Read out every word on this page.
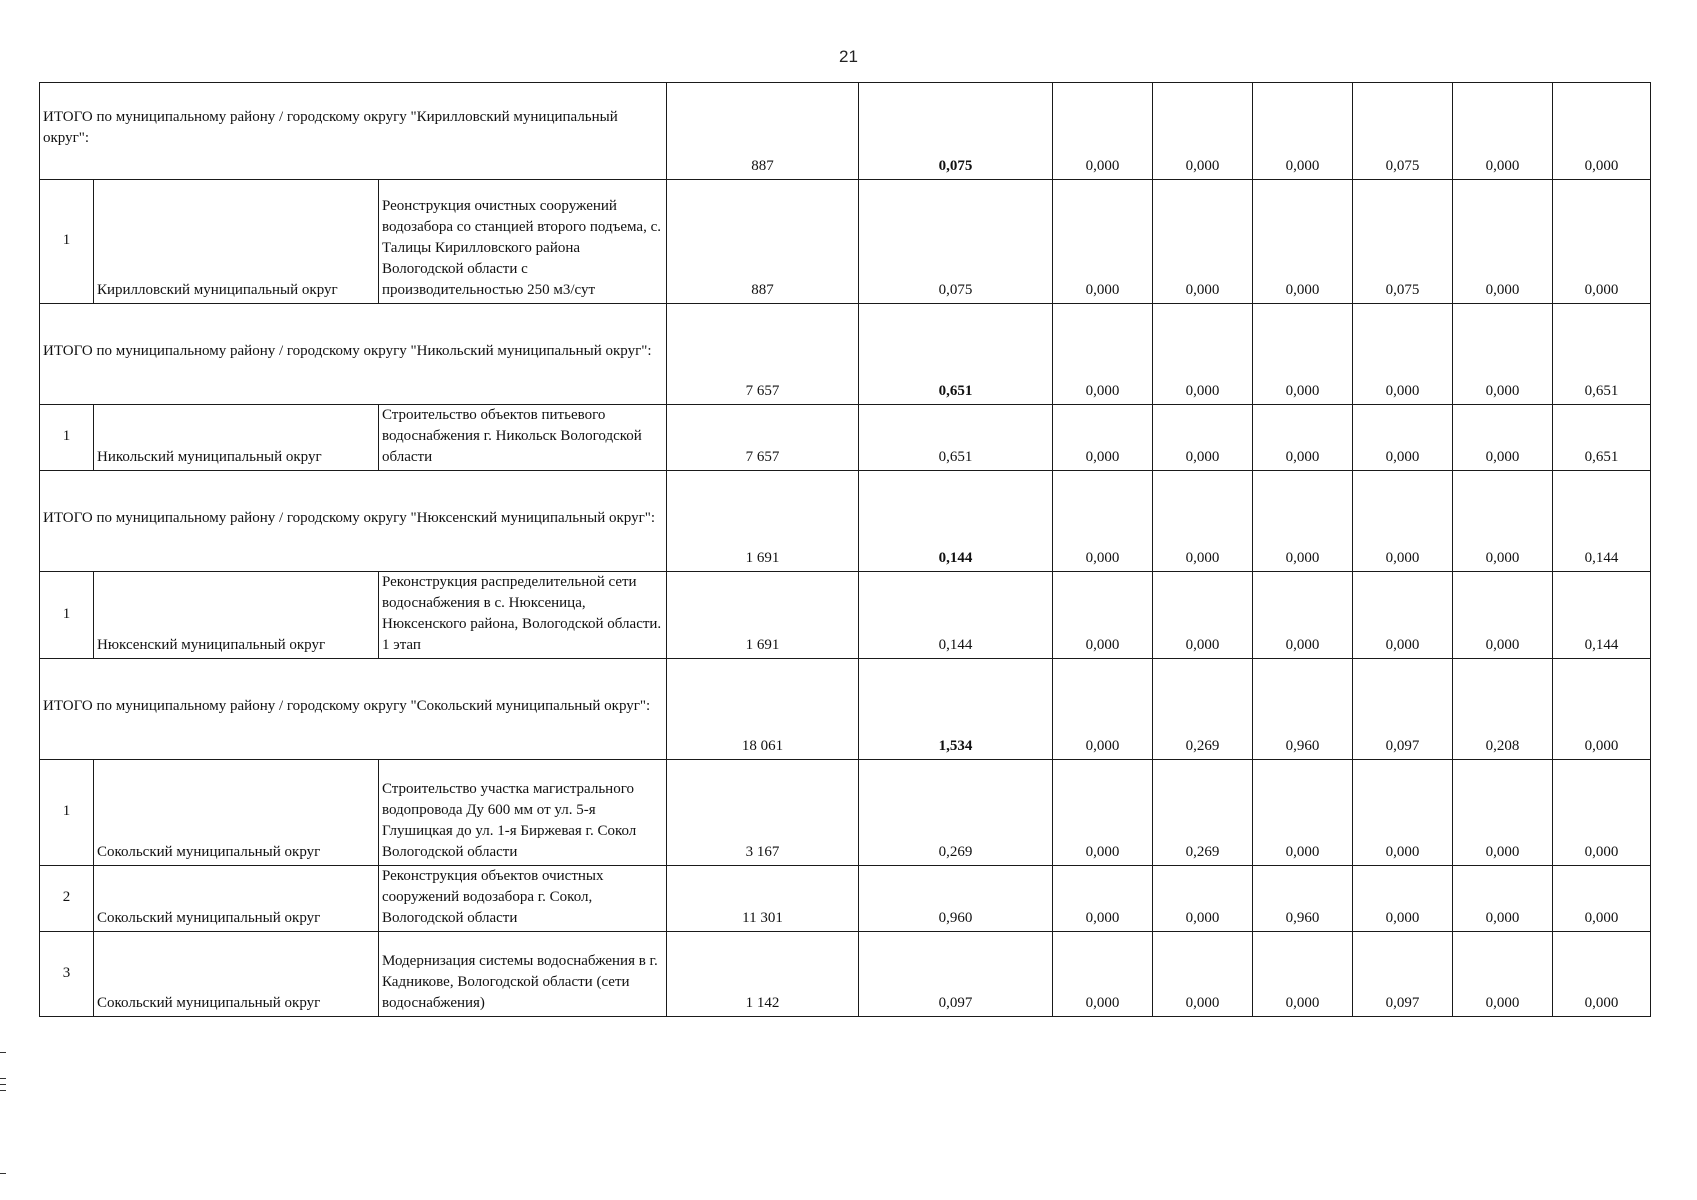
21
ИТОГО по муниципальному району / городскому округу "Кирилловский муниципальный округ":			887	0,075	0,000	0,000	0,000	0,075	0,000	0,000
1	Кирилловский муниципальный округ	Реонструкция очистных сооружений водозабора со станцией второго подъема, с. Талицы Кирилловского района Вологодской области с производительностью 250 м3/сут	887	0,075	0,000	0,000	0,000	0,075	0,000	0,000
ИТОГО по муниципальному району / городскому округу "Никольский муниципальный округ":			7 657	0,651	0,000	0,000	0,000	0,000	0,000	0,651
1	Никольский муниципальный округ	Строительство объектов питьевого водоснабжения г. Никольск Вологодской области	7 657	0,651	0,000	0,000	0,000	0,000	0,000	0,651
ИТОГО по муниципальному району / городскому округу "Нюксенский муниципальный округ":			1 691	0,144	0,000	0,000	0,000	0,000	0,000	0,144
1	Нюксенский муниципальный округ	Реконструкция распределительной сети водоснабжения в с. Нюксеница, Нюксенского района, Вологодской области. 1 этап	1 691	0,144	0,000	0,000	0,000	0,000	0,000	0,144
ИТОГО по муниципальному району / городскому округу "Сокольский муниципальный округ":			18 061	1,534	0,000	0,269	0,960	0,097	0,208	0,000
1	Сокольский муниципальный округ	Строительство участка магистрального водопровода Ду 600 мм от ул. 5-я Глушицкая до ул. 1-я Биржевая г. Сокол Вологодской области	3 167	0,269	0,000	0,269	0,000	0,000	0,000	0,000
2	Сокольский муниципальный округ	Реконструкция объектов очистных сооружений водозабора г. Сокол, Вологодской области	11 301	0,960	0,000	0,000	0,960	0,000	0,000	0,000
3	Сокольский муниципальный округ	Модернизация системы водоснабжения в г. Кадникове, Вологодской области (сети водоснабжения)	1 142	0,097	0,000	0,000	0,000	0,097	0,000	0,000
